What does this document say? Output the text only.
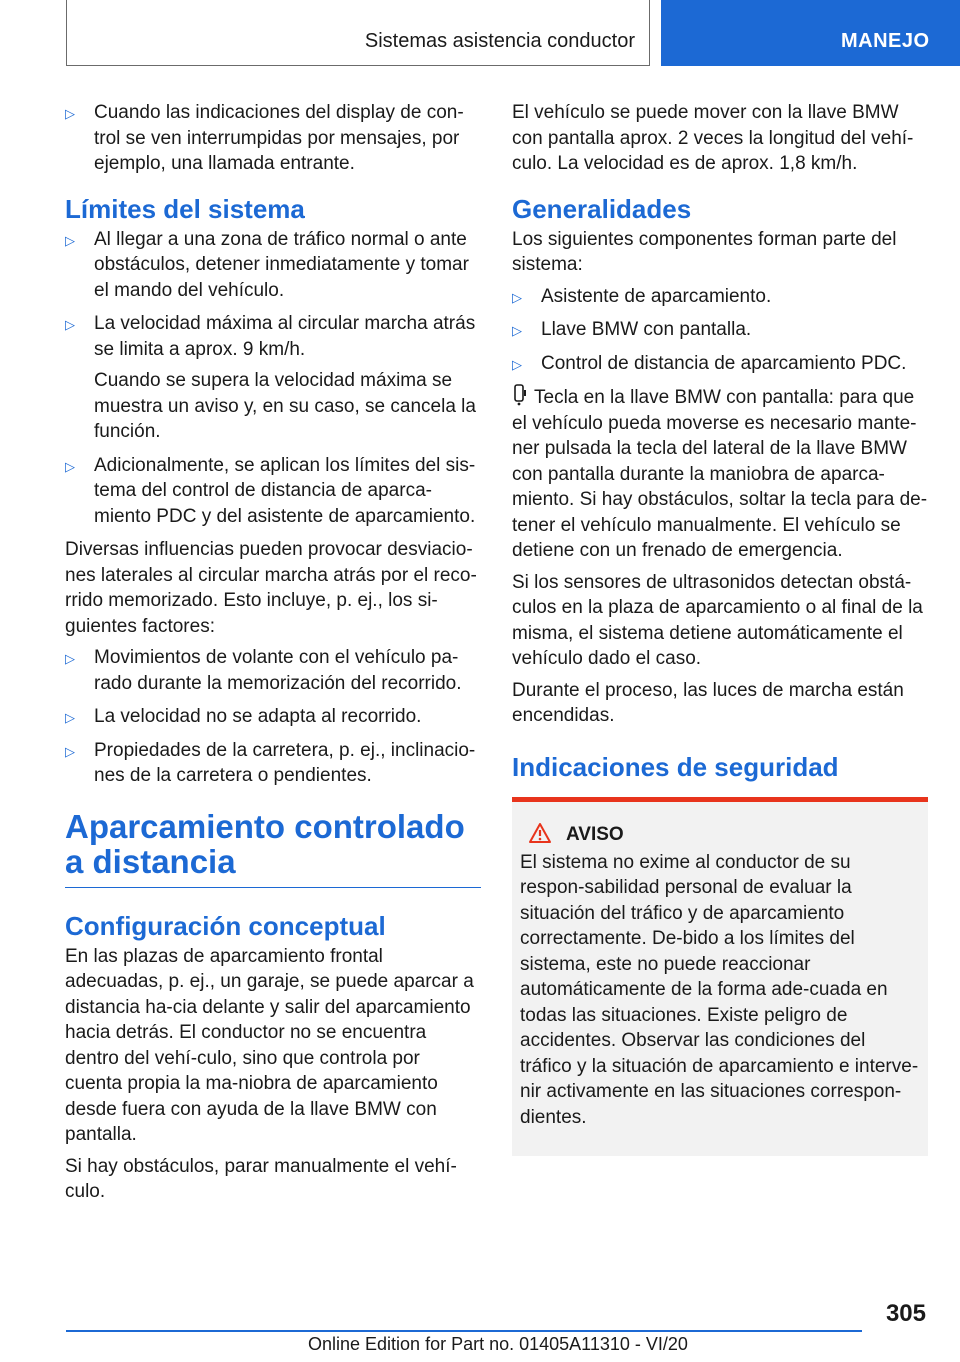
Sistemas asistencia conductor	MANEJO
▷ Cuando las indicaciones del display de con-trol se ven interrumpidas por mensajes, por ejemplo, una llamada entrante.
Límites del sistema
▷ Al llegar a una zona de tráfico normal o ante obstáculos, detener inmediatamente y tomar el mando del vehículo.
▷ La velocidad máxima al circular marcha atrás se limita a aprox. 9 km/h.
Cuando se supera la velocidad máxima se muestra un aviso y, en su caso, se cancela la función.
▷ Adicionalmente, se aplican los límites del sis-tema del control de distancia de aparca-miento PDC y del asistente de aparcamiento.

Diversas influencias pueden provocar desviacio-nes laterales al circular marcha atrás por el reco-rrido memorizado. Esto incluye, p. ej., los si-guientes factores:

▷ Movimientos de volante con el vehículo pa-rado durante la memorización del recorrido.
▷ La velocidad no se adapta al recorrido.
▷ Propiedades de la carretera, p. ej., inclinacio-nes de la carretera o pendientes.
Aparcamiento controlado a distancia
Configuración conceptual

En las plazas de aparcamiento frontal adecuadas, p. ej., un garaje, se puede aparcar a distancia ha-cia delante y salir del aparcamiento hacia detrás. El conductor no se encuentra dentro del vehí-culo, sino que controla por cuenta propia la ma-niobra de aparcamiento desde fuera con ayuda de la llave BMW con pantalla.

Si hay obstáculos, parar manualmente el vehí-culo.

El vehículo se puede mover con la llave BMW con pantalla aprox. 2 veces la longitud del vehí-culo. La velocidad es de aprox. 1,8 km/h.

Generalidades

Los siguientes componentes forman parte del sistema:

▷ Asistente de aparcamiento.
▷ Llave BMW con pantalla.
▷ Control de distancia de aparcamiento PDC.

Tecla en la llave BMW con pantalla: para que el vehículo pueda moverse es necesario mante-ner pulsada la tecla del lateral de la llave BMW con pantalla durante la maniobra de aparca-miento. Si hay obstáculos, soltar la tecla para de-tener el vehículo manualmente. El vehículo se detiene con un frenado de emergencia.

Si los sensores de ultrasonidos detectan obstá-culos en la plaza de aparcamiento o al final de la misma, el sistema detiene automáticamente el vehículo dado el caso.

Durante el proceso, las luces de marcha están encendidas.

Indicaciones de seguridad
AVISO

El sistema no exime al conductor de su respon-sabilidad personal de evaluar la situación del tráfico y de aparcamiento correctamente. De-bido a los límites del sistema, este no puede reaccionar automáticamente de la forma ade-cuada en todas las situaciones. Existe peligro de accidentes. Observar las condiciones del tráfico y la situación de aparcamiento e interve-nir activamente en las situaciones correspon-dientes.

305
Online Edition for Part no. 01405A11310 - VI/20
